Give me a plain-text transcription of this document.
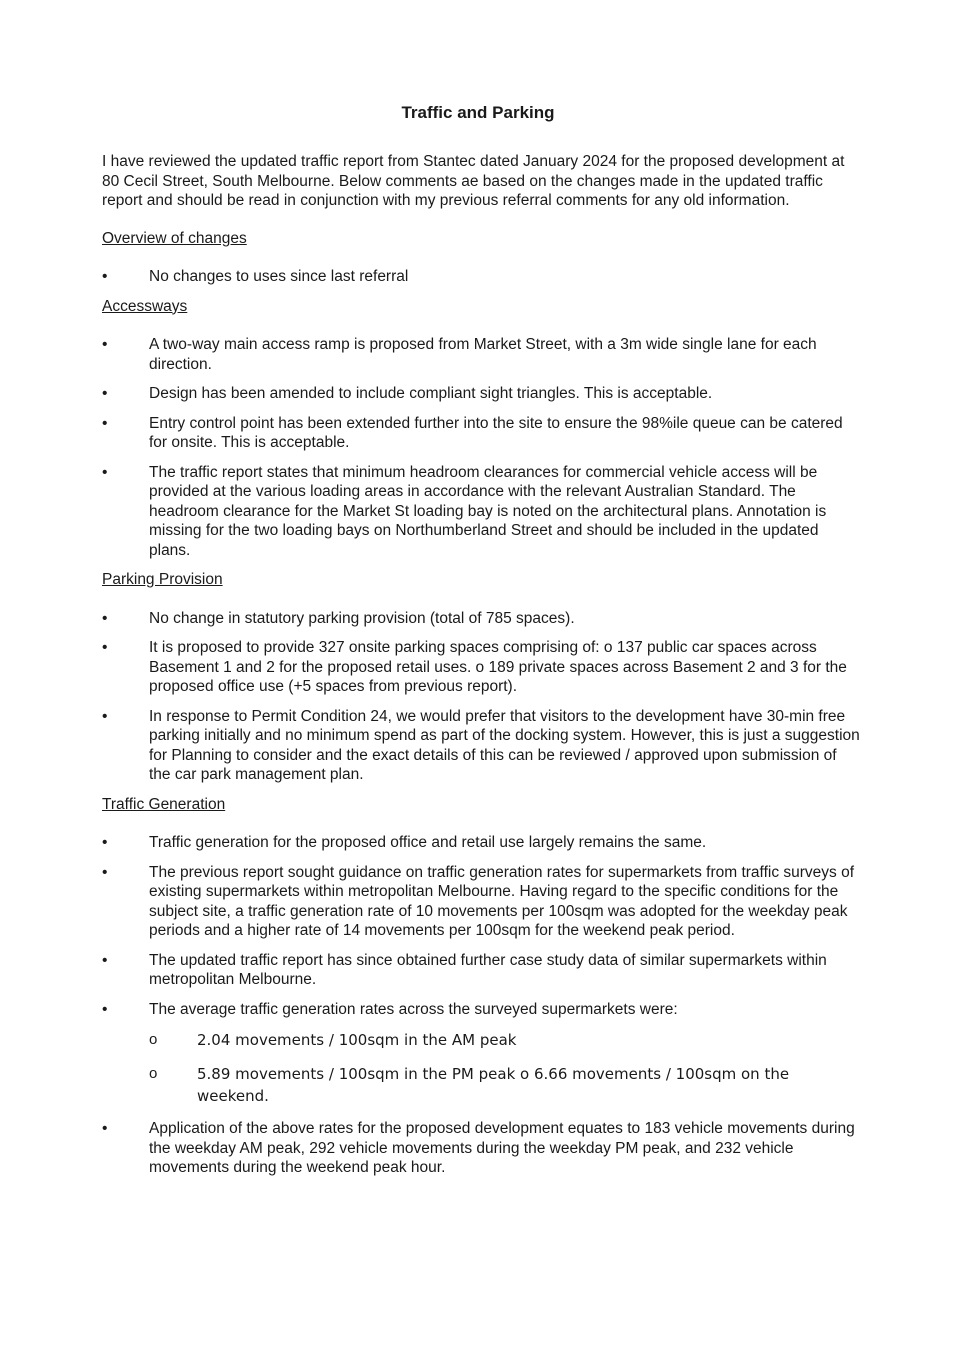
Traffic and Parking

I have reviewed the updated traffic report from Stantec dated January 2024 for the proposed development at 80 Cecil Street, South Melbourne. Below comments ae based on the changes made in the updated traffic report and should be read in conjunction with my previous referral comments for any old information.

Overview of changes

•	No changes to uses since last referral

Accessways

•	A two-way main access ramp is proposed from Market Street, with a 3m wide single lane for each direction.
•	Design has been amended to include compliant sight triangles. This is acceptable.
•	Entry control point has been extended further into the site to ensure the 98%ile queue can be catered for onsite. This is acceptable.
•	The traffic report states that minimum headroom clearances for commercial vehicle access will be provided at the various loading areas in accordance with the relevant Australian Standard. The headroom clearance for the Market St loading bay is noted on the architectural plans. Annotation is missing for the two loading bays on Northumberland Street and should be included in the updated plans.

Parking Provision

•	No change in statutory parking provision (total of 785 spaces).
•	It is proposed to provide 327 onsite parking spaces comprising of: o 137 public car spaces across Basement 1 and 2 for the proposed retail uses. o 189 private spaces across Basement 2 and 3 for the proposed office use (+5 spaces from previous report).
•	In response to Permit Condition 24, we would prefer that visitors to the development have 30-min free parking initially and no minimum spend as part of the docking system. However, this is just a suggestion for Planning to consider and the exact details of this can be reviewed / approved upon submission of the car park management plan.

Traffic Generation

•	Traffic generation for the proposed office and retail use largely remains the same.
•	The previous report sought guidance on traffic generation rates for supermarkets from traffic surveys of existing supermarkets within metropolitan Melbourne. Having regard to the specific conditions for the subject site, a traffic generation rate of 10 movements per 100sqm was adopted for the weekday peak periods and a higher rate of 14 movements per 100sqm for the weekend peak period.
•	The updated traffic report has since obtained further case study data of similar supermarkets within metropolitan Melbourne.
•	The average traffic generation rates across the surveyed supermarkets were:
o	2.04 movements / 100sqm in the AM peak
o	5.89 movements / 100sqm in the PM peak o 6.66 movements / 100sqm on the weekend.
•	Application of the above rates for the proposed development equates to 183 vehicle movements during the weekday AM peak, 292 vehicle movements during the weekday PM peak, and 232 vehicle movements during the weekend peak hour.
